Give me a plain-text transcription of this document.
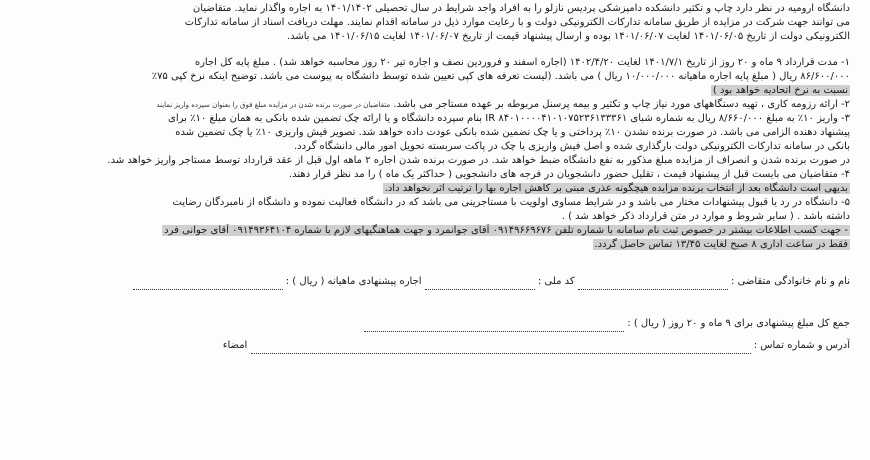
دانشگاه ارومیه در نظر دارد چاپ و تکثیر دانشکده دامپزشکی پردیس نازلو را به افراد واجد شرایط در سال تحصیلی ۱۴۰۱/۱۴۰۲ به اجاره واگذار نماید. متقاضیان
می توانند جهت شرکت در مزایده از طریق سامانه تدارکات الکترونیکی دولت و با رعایت موارد ذیل در سامانه اقدام نمایند. مهلت دریافت اسناد از سامانه تدارکات
الکترونیکی دولت از تاریخ ۱۴۰۱/۰۶/۰۵ لغایت ۱۴۰۱/۰۶/۰۷ بوده و ارسال پیشنهاد قیمت از تاریخ ۱۴۰۱/۰۶/۰۷ لغایت ۱۴۰۱/۰۶/۱۵ می باشد.
۱- مدت قرارداد ۹ ماه و ۲۰ روز از تاریخ ۱۴۰۱/۷/۱ لغایت ۱۴۰۲/۴/۲۰ (اجاره اسفند و فروردین نصف و اجاره تیر ۲۰ روز محاسبه خواهد شد) . مبلغ پایه کل اجاره
۸۶/۶۰۰/۰۰۰ ریال ( مبلغ پایه اجاره ماهیانه ۱۰/۰۰۰/۰۰۰ ریال ) می باشد. (لیست تعرفه های کپی تعیین شده توسط دانشگاه به پیوست می باشد. توضیح اینکه نرخ کپی ۷۵٪
نسبت به نرخ اتحادیه خواهد بود )
۲- ارائه رزومه کاری ، تهیه دستگاههای مورد نیاز چاپ و تکثیر و بیمه پرسنل مربوطه بر عهده مستاجر می باشد. متقاضیان در صورت برنده شدن در مزایده مبلغ فوق را بعنوان سپرده واریز نمایند
۳- واریز ۱۰٪ به مبلغ ۸/۶۶۰/۰۰۰ ریال به شماره شبای IR ۸۴۰۱۰۰۰۰۴۱۰۱۰۷۵۲۳۶۱۳۳۳۶۱ بنام سپرده دانشگاه و یا ارائه چک تضمین شده بانکی به همان مبلغ ۱۰٪ برای
پیشنهاد دهنده الزامی می باشد. در صورت برنده نشدن ۱۰٪ پرداختی و یا چک تضمین شده بانکی عودت داده خواهد شد. تصویر فیش واریزی ۱۰٪ یا چک تضمین شده
بانکی در سامانه تدارکات الکترونیکی دولت بارگذاری شده و اصل فیش واریزی یا چک در پاکت سربسته تحویل امور مالی دانشگاه گردد.
در صورت برنده شدن و انصراف از مزایده مبلغ مذکور به نفع دانشگاه ضبط خواهد شد. در صورت برنده شدن اجاره ۲ ماهه اول قبل از عقد قرارداد توسط مستاجر واریز خواهد شد.
۴- متقاضیان می بایست قبل از پیشنهاد قیمت ، تقلیل حضور دانشجویان در فرجه های دانشجویی ( حداکثر یک ماه ) را مد نظر قرار دهند.
بدیهی است دانشگاه بعد از انتخاب برنده مزایده هیچگونه عذری مبنی بر کاهش اجاره بها را ترتیب اثر نخواهد داد.
۵- دانشگاه در رد یا قبول پیشنهادات مختار می باشد و در شرایط مساوی اولویت با مستاجرینی می باشد که در دانشگاه فعالیت نموده و دانشگاه از نامبردگان رضایت
داشته باشد . ( سایر شروط و موارد در متن قرارداد ذکر خواهد شد ) .
- جهت کسب اطلاعات بیشتر در خصوص ثبت نام سامانه با شماره تلفن ۰۹۱۴۹۶۶۹۶۷۶ آقای جوانمرد و جهت هماهنگیهای لازم با شماره ۰۹۱۴۹۳۶۴۱۰۴ آقای جوانی فرد
فقط در ساعت اداری ۸ صبح لغایت ۱۳/۴۵ تماس حاصل گردد.
نام و نام خانوادگی متقاضی :  کد ملی :  اجاره پیشنهادی ماهیانه ( ریال ) :
جمع کل مبلغ پیشنهادی برای ۹ ماه و ۲۰ روز ( ریال ) :
آدرس و شماره تماس :  امضاء
